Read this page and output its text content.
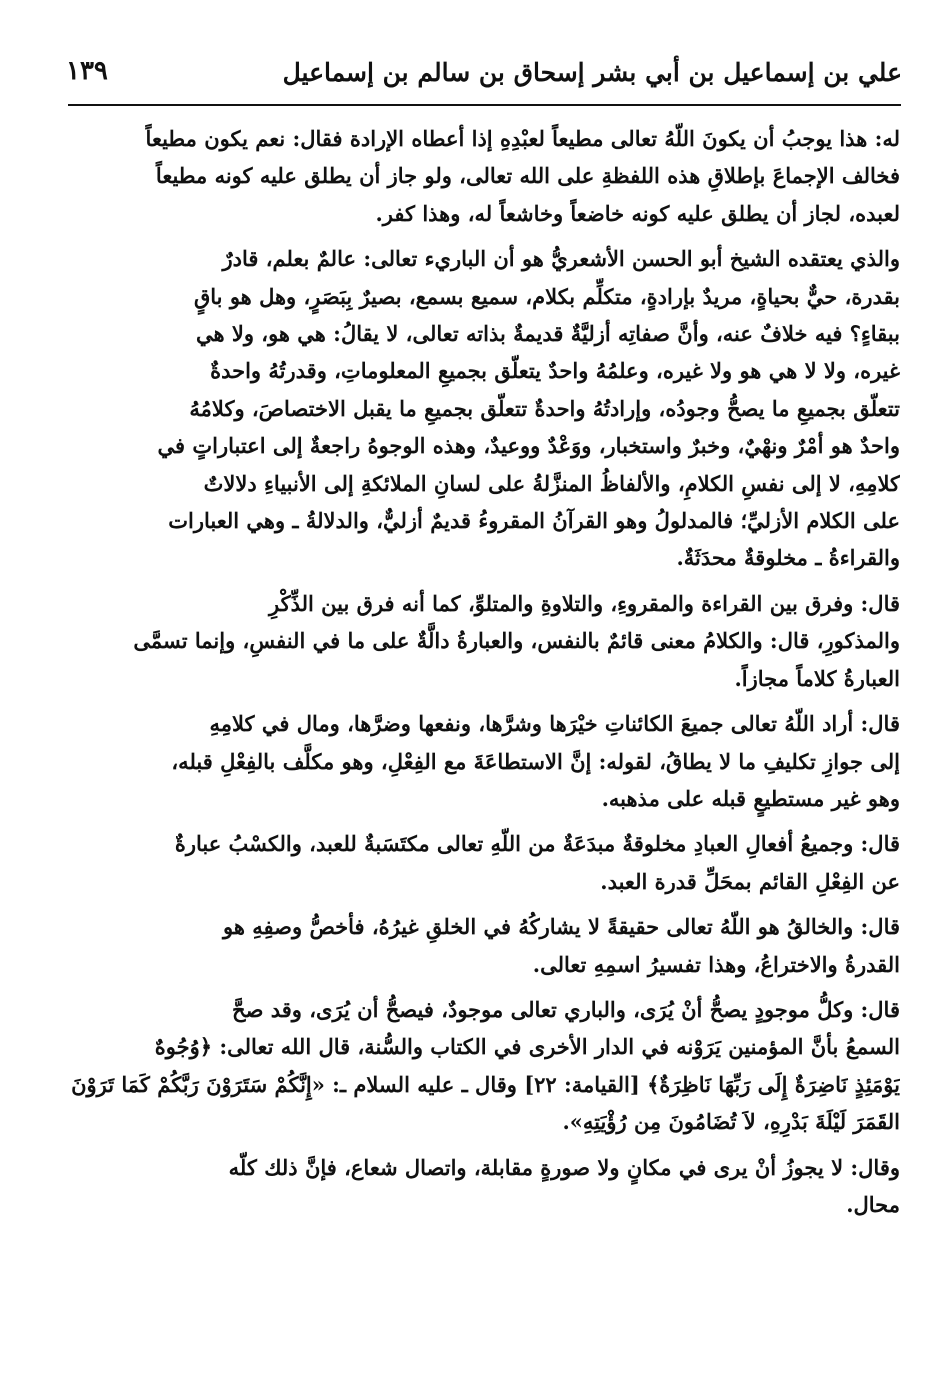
علي بن إسماعيل بن أبي بشر إسحاق بن سالم بن إسماعيل
١٣٩

له: هذا يوجبُ أن يكونَ اللّهُ تعالى مطيعاً لعبْدِهِ إذا أعطاه الإرادة فقال: نعم يكون مطيعاً
فخالف الإجماعَ بإطلاقِ هذه اللفظةِ على الله تعالى، ولو جاز أن يطلق عليه كونه مطيعاً
لعبده، لجاز أن يطلق عليه كونه خاضعاً وخاشعاً له، وهذا كفر.

والذي يعتقده الشيخ أبو الحسن الأشعريُّ هو أن الباريء تعالى: عالمٌ بعلم، قادرٌ
بقدرة، حيٌّ بحياةٍ، مريدٌ بإرادةٍ، متكلِّم بكلام، سميع بسمع، بصيرٌ بِبَصَرٍ، وهل هو باقٍ
ببقاءٍ؟ فيه خلافٌ عنه، وأنَّ صفاتِه أزليَّةٌ قديمةٌ بذاته تعالى، لا يقالُ: هي هو، ولا هي
غيره، ولا لا هي هو ولا غيره، وعلمُهُ واحدٌ يتعلّق بجميعِ المعلوماتِ، وقدرتُهُ واحدةٌ
تتعلّق بجميعِ ما يصحُّ وجودُه، وإرادتُهُ واحدةٌ تتعلّق بجميعِ ما يقبل الاختصاصَ، وكلامُهُ
واحدٌ هو أمْرٌ ونهْيٌ، وخبرٌ واستخبار، ووَعْدٌ ووعيدٌ، وهذه الوجوهُ راجعةٌ إلى اعتباراتٍ في
كلامِهِ، لا إلى نفسِ الكلامِ، والألفاظُ المنزَّلةُ على لسانِ الملائكةِ إلى الأنبياءِ دلالاتٌ
على الكلام الأزليِّ؛ فالمدلولُ وهو القرآنُ المقروءُ قديمٌ أزليٌّ، والدلالةُ ـ وهي العبارات
والقراءةُ ـ مخلوقةٌ محدَثَةٌ.

قال: وفرق بين القراءة والمقروءِ، والتلاوةِ والمتلوِّ، كما أنه فرق بين الذِّكْرِ
والمذكورِ، قال: والكلامُ معنى قائمٌ بالنفس، والعبارةُ دالَّةٌ على ما في النفسِ، وإنما تسمَّى
العبارةُ كلاماً مجازاً.

قال: أراد اللّهُ تعالى جميعَ الكائناتِ خيْرَها وشرَّها، ونفعها وضرَّها، ومال في كلامِهِ
إلى جوازِ تكليفِ ما لا يطاقُ، لقوله: إنَّ الاستطاعَةَ مع الفِعْلِ، وهو مكلَّف بالفِعْلِ قبله،
وهو غير مستطيعٍ قبله على مذهبه.

قال: وجميعُ أفعالِ العبادِ مخلوقةٌ مبدَعَةٌ من اللّهِ تعالى مكتَسَبةٌ للعبد، والكسْبُ عبارةٌ
عن الفِعْلِ القائم بمحَلِّ قدرة العبد.

قال: والخالقُ هو اللّهُ تعالى حقيقةً لا يشاركُهُ في الخلقِ غيرُهُ، فأخصُّ وصفِهِ هو
القدرةُ والاختراعُ، وهذا تفسيرُ اسمِهِ تعالى.

قال: وكلُّ موجودٍ يصحُّ أنْ يُرَى، والباري تعالى موجودٌ، فيصحُّ أن يُرَى، وقد صحَّ
السمعُ بأنَّ المؤمنين يَرَوْنه في الدار الأخرى في الكتاب والسُّنة، قال الله تعالى: ﴿وُجُوهٌ
يَوْمَئِذٍ نَاضِرَةٌ إِلَى رَبِّهَا نَاظِرَةٌ﴾ [القيامة: ٢٢] وقال ـ عليه السلام ـ: «إِنَّكُمْ سَتَرَوْنَ رَبَّكُمْ كَمَا تَرَوْنَ
القَمَرَ لَيْلَةَ بَدْرِهِ، لاَ تُضَامُونَ مِن رُؤْيَتِهِ».

وقال: لا يجوزُ أنْ يرى في مكانٍ ولا صورةٍ مقابلة، واتصال شعاع، فإنَّ ذلك كلّه
محال.
